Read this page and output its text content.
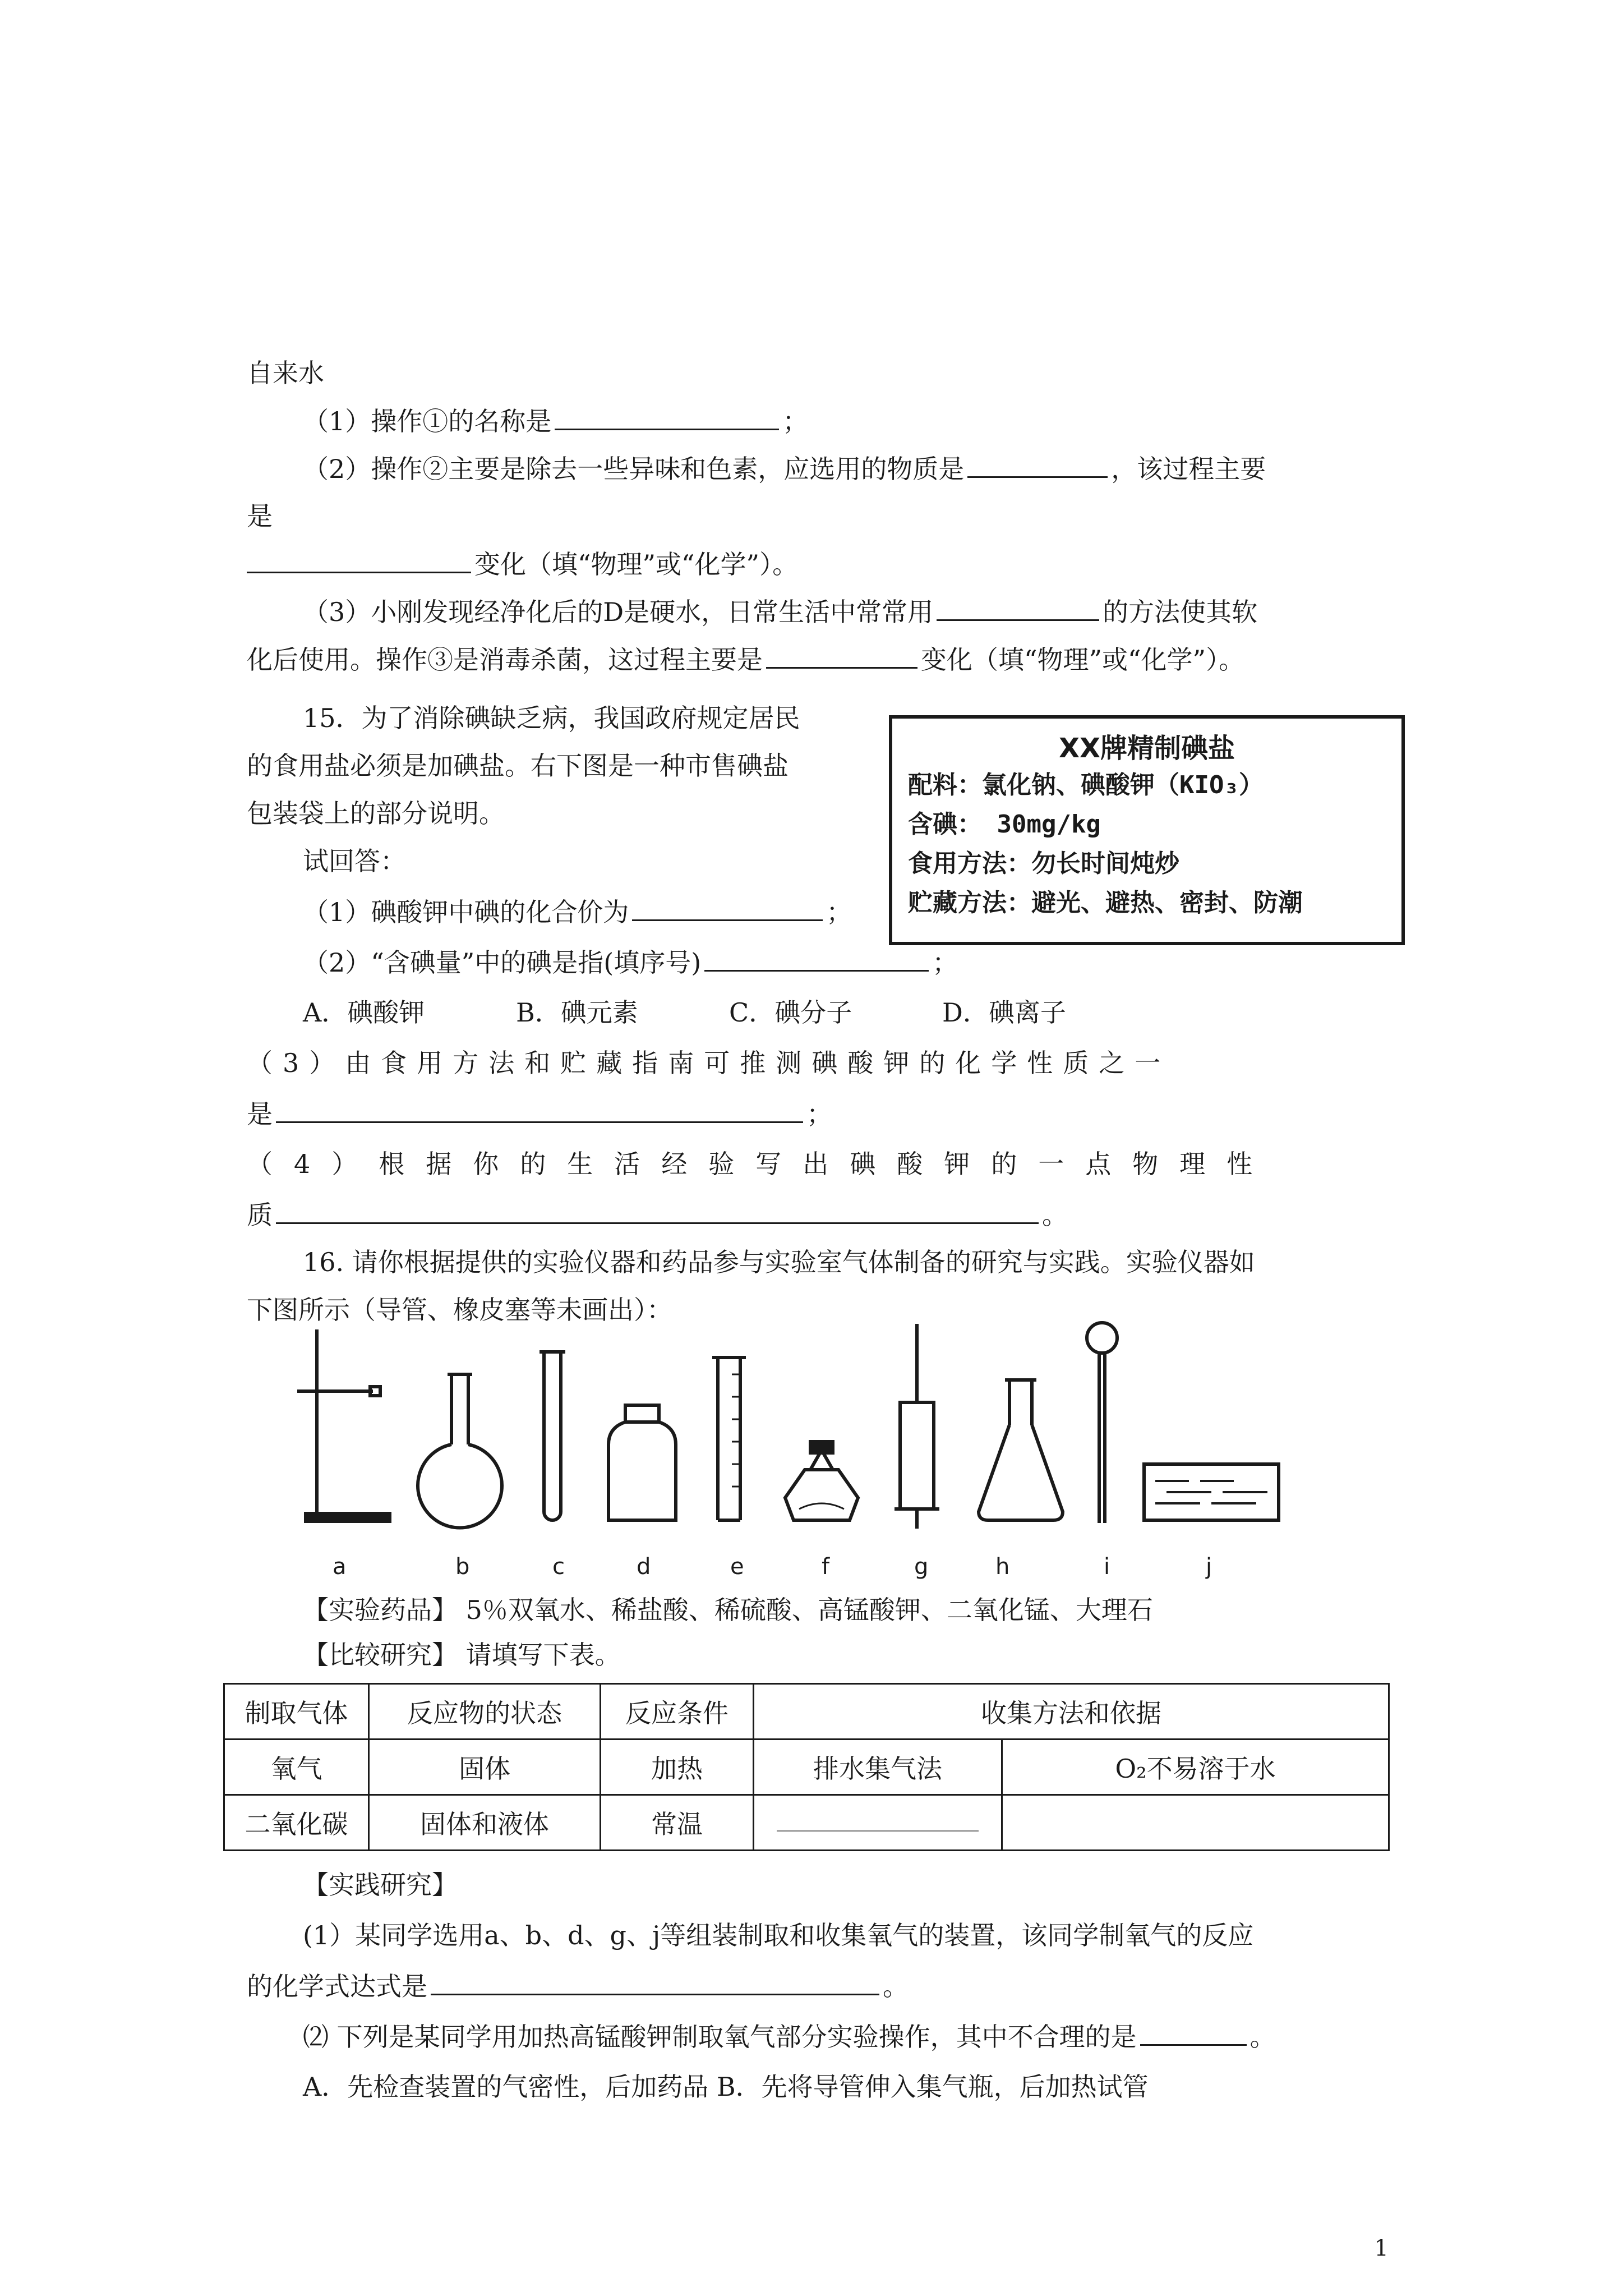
自来水
（1）操作①的名称是	；
（2）操作②主要是除去一些异味和色素，应选用的物质是	，该过程主要
是
变化（填“物理”或“化学”）。
（3）小刚发现经净化后的D是硬水，日常生活中常常用	的方法使其软
化后使用。操作③是消毒杀菌，这过程主要是	变化（填“物理”或“化学”）。
15．为了消除碘缺乏病，我国政府规定居民
的食用盐必须是加碘盐。右下图是一种市售碘盐
包装袋上的部分说明。
试回答：
（1）碘酸钾中碘的化合价为	；
（2）“含碘量”中的碘是指(填序号)	；
A．碘酸钾	B．碘元素	C．碘分子	D．碘离子
（3）由食用方法和贮藏指南可推测碘酸钾的化学性质之一
是	；
（4）根据你的生活经验写出碘酸钾的一点物理性
质	。
XX牌精制碘盐
配料：氯化钠、碘酸钾（KIO₃）
含碘： 30mg/kg
食用方法：勿长时间炖炒
贮藏方法：避光、避热、密封、防潮
16. 请你根据提供的实验仪器和药品参与实验室气体制备的研究与实践。实验仪器如
下图所示（导管、橡皮塞等未画出）：
a	b	c	d	e	f	g	h	i	j
【实验药品】 5％双氧水、稀盐酸、稀硫酸、高锰酸钾、二氧化锰、大理石
【比较研究】 请填写下表。
制取气体	反应物的状态	反应条件	收集方法和依据	
氧气	固体	加热	排水集气法	O₂不易溶于水
二氧化碳	固体和液体	常温		
【实践研究】
(1）某同学选用a、b、d、g、j等组装制取和收集氧气的装置，该同学制氧气的反应
的化学式达式是	。
⑵ 下列是某同学用加热高锰酸钾制取氧气部分实验操作，其中不合理的是	。
A．先检查装置的气密性，后加药品 B．先将导管伸入集气瓶，后加热试管
1
